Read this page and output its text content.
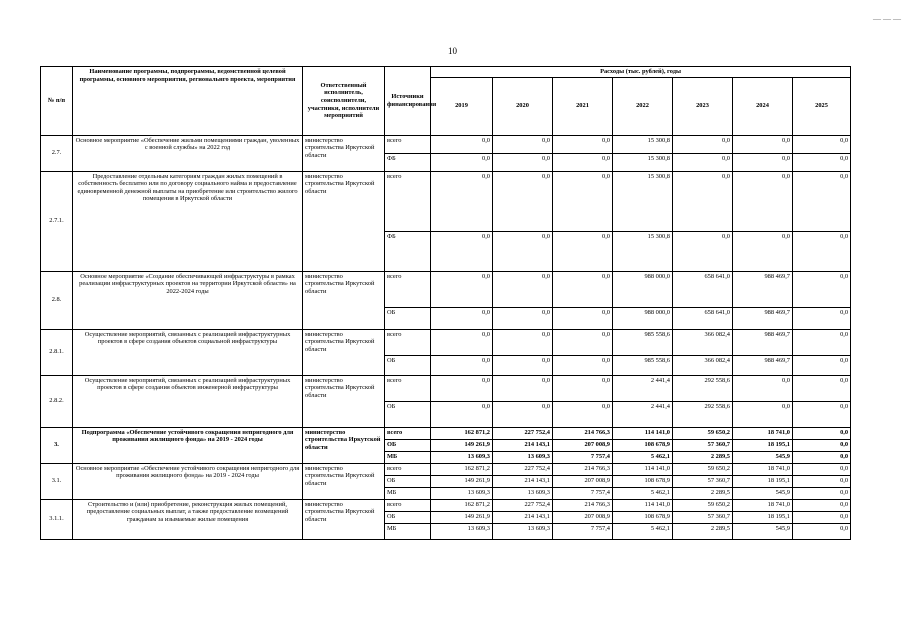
10
— — —
№ п/п	Наименование программы, подпрограммы, ведомственной целевой программы, основного мероприятия, региональнго проекта, мероприятия	Ответственный исполнитель, соисполнители, участники, исполнители мероприятий	Источники финансирования	Расходы (тыс. рублей), годы						
				2019	2020	2021	2022	2023	2024	2025
2.7.	Основное мероприятие «Обеспечение жильми помещениями граждан, уволенных с военной службы» на 2022 год	министерство строительства Иркутской области	всего	0,0	0,0	0,0	15 300,8	0,0	0,0	0,0
			ФБ	0,0	0,0	0,0	15 300,8	0,0	0,0	0,0
2.7.1.	Предоставление отдельным категориям граждан жилых помещений в собственность бесплатно или по договору социального найма и предоставление единовременной денежной выплаты на приобретение или строительство жилого помещения в Иркутской области	министерство строительства Иркутской области	всего	0,0	0,0	0,0	15 300,8	0,0	0,0	0,0
			ФБ	0,0	0,0	0,0	15 300,8	0,0	0,0	0,0
2.8.	Основное мероприятие «Создание обеспечивающей инфраструктуры в рамках реализации инфраструктурных проектов на территории Иркутской области» на 2022-2024 годы	министерство строительства Иркутской области	всего	0,0	0,0	0,0	988 000,0	658 641,0	988 469,7	0,0
			ОБ	0,0	0,0	0,0	988 000,0	658 641,0	988 469,7	0,0
2.8.1.	Осуществление мероприятий, связанных с реализацией инфраструктурных проектов в сфере создания объектов социальной инфраструктуры	министерство строительства Иркутской области	всего	0,0	0,0	0,0	985 558,6	366 082,4	988 469,7	0,0
			ОБ	0,0	0,0	0,0	985 558,6	366 082,4	988 469,7	0,0
2.8.2.	Осуществление мероприятий, связанных с реализацией инфраструктурных проектов в сфере создания объектов инженерной инфраструктуры	министерство строительства Иркутской области	всего	0,0	0,0	0,0	2 441,4	292 558,6	0,0	0,0
			ОБ	0,0	0,0	0,0	2 441,4	292 558,6	0,0	0,0
3.	Подпрограмма «Обеспечение устойчивого сокращения непригодного для проживания жилищного фонда» на 2019 - 2024 годы	министерство строительства Иркутской области	всего	162 871,2	227 752,4	214 766,3	114 141,0	59 650,2	18 741,0	0,0
			ОБ	149 261,9	214 143,1	207 008,9	108 678,9	57 360,7	18 195,1	0,0
			МБ	13 609,3	13 609,3	7 757,4	5 462,1	2 289,5	545,9	0,0
3.1.	Основное мероприятие «Обеспечение устойчивого сокращения непригодного для проживания жилищного фонда» на 2019 - 2024 годы	министерство строительства Иркутской области	всего	162 871,2	227 752,4	214 766,3	114 141,0	59 650,2	18 741,0	0,0
			ОБ	149 261,9	214 143,1	207 008,9	108 678,9	57 360,7	18 195,1	0,0
			МБ	13 609,3	13 609,3	7 757,4	5 462,1	2 289,5	545,9	0,0
3.1.1.	Строительство и (или) приобретение, реконструкция жилых помещений, предоставление социальных выплат, а также предоставление возмещений гражданам за изымаемые жилые помещения	министерство строительства Иркутской области	всего	162 871,2	227 752,4	214 766,3	114 141,0	59 650,2	18 741,0	0,0
			ОБ	149 261,9	214 143,1	207 008,9	108 678,9	57 360,7	18 195,1	0,0
			МБ	13 609,3	13 609,3	7 757,4	5 462,1	2 289,5	545,9	0,0
